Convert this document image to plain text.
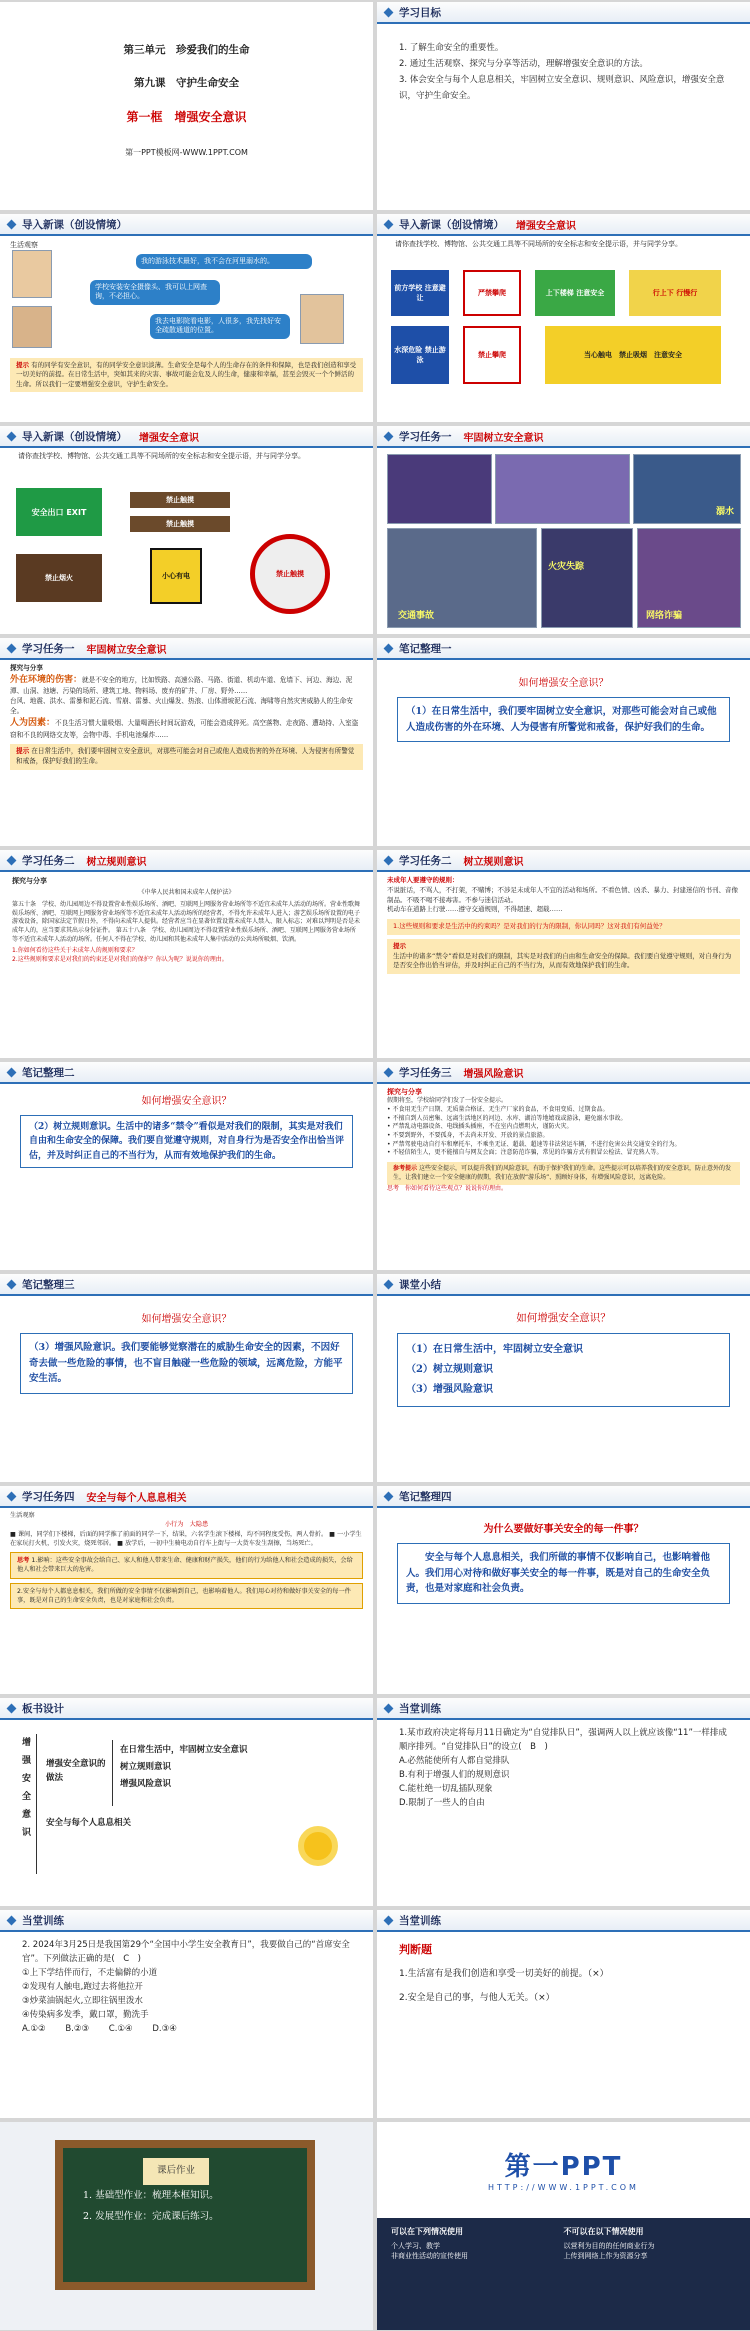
第三单元　珍爱我们的生命
第九课　守护生命安全
第一框　增强安全意识
第一PPT模板网-WWW.1PPT.COM
学习目标

1. 了解生命安全的重要性。

2. 通过生活观察、探究与分享等活动，理解增强安全意识的方法。

3. 体会安全与每个人息息相关，牢固树立安全意识、规则意识、风险意识，增强安全意识，守护生命安全。

导入新课（创设情境）
生活观察
我的游泳技术最好，我不会在河里溺水的。
学校安装安全摄像头、我可以上网查询，不必担心。
我去电影院看电影，人很多，我先找好安全疏散通道的位置。
提示 有的同学有安全意识，有的同学安全意识淡薄。生命安全是每个人的生命存在的条件和保障，也是我们创造和享受一切美好的前提。在日常生活中，突如其来的灾害、事故可能会危及人的生命，健康和幸福，甚至会毁灭一个个鲜活的生命。所以我们一定要增强安全意识，守护生命安全。
导入新课（创设情境） 增强安全意识
请你查找学校、博物馆、公共交通工具等不同场所的安全标志和安全提示语，并与同学分享。
前方学校 注意避让
严禁攀爬	上下楼梯 注意安全	行上下 行慢行
水深危险 禁止游泳
禁止攀爬	当心触电
　 禁止吸烟
　 注意安全
导入新课（创设情境） 增强安全意识
请你查找学校、博物馆、公共交通工具等不同场所的安全标志和安全提示语，并与同学分享。
安全出口 EXIT
禁止触摸
禁止触摸
小心有电
禁止烟火	禁止触摸
学习任务一 牢固树立安全意识
溺水
交通事故
火灾失踪
网络诈骗
学习任务一 牢固树立安全意识
探究与分享

外在环境的伤害：就是不安全的地方，比如铁路、高速公路、马路、街道、机动车道、危墙下、河边、海边、泥潭、山洞、池塘、污染的场所、建筑工地、物料场、废弃的矿井、厂房、野外……

台风、地震、洪水、雷暴和泥石流、雪崩、雷暴、火山爆发、热浪、山体滑坡泥石流、海啸等自然灾害威胁人的生命安全。

人为因素：不良生活习惯大量吸烟、大量喝酒长时间玩游戏，可能会造成猝死。高空落物、走夜路、遭劫持、入室盗窃和不良的网络交友等，会物中毒、手机电池爆炸……

提示 在日常生活中，我们要牢固树立安全意识，对那些可能会对自己或他人造成伤害的外在环境、人为侵害有所警觉和戒备，保护好我们的生命。
笔记整理一
如何增强安全意识？
（1）在日常生活中，我们要牢固树立安全意识，对那些可能会对自己或他人造成伤害的外在环境、人为侵害有所警觉和戒备，保护好我们的生命。
学习任务二 树立规则意识
探究与分享
《中华人民共和国未成年人保护法》

第五十条　学校、幼儿园周边不得设置营业性娱乐场所、酒吧、互联网上网服务营业场所等不适宜未成年人活动的场所。营业性歌舞娱乐场所、酒吧、互联网上网服务营业场所等不适宜未成年人活动场所的经营者，不得允许未成年人进入；游艺娱乐场所设置的电子游戏设备，除国家法定节假日外，不得向未成年人提供。经营者应当在显著位置设置未成年人禁入、限入标志；对难以判明是否是未成年人的，应当要求其出示身份证件。 第五十八条　学校、幼儿园周边不得设置营业性娱乐场所、酒吧、互联网上网服务营业场所等不适宜未成年人活动的场所。任何人不得在学校、幼儿园和其他未成年人集中活动的公共场所吸烟、饮酒。

1.你如何看待这些关于未成年人的规则和要求？

2.这些规则和要求是对我们的约束还是对我们的保护？你认为呢？说说你的理由。

学习任务二 树立规则意识
未成年人要遵守的规则：

不说脏话，不骂人，不打架，不赌博；不涉足未成年人不宜的活动和场所。不看色情、凶杀、暴力、封建迷信的书刊、音像制品。不吸不喝不接毒害。不参与迷信活动。

机动车在道路上行驶……遵守交通规则，不得超速、超载……

1.这些规则和要求是生活中的约束吗？是对我们的行为的限制，你认同吗？这对我们有何益处？
提示
生活中的诸多“禁令”看似是对我们的限制，其实是对我们的自由和生命安全的保障。我们要自觉遵守规则，对自身行为是否安全作出恰当评估，并及时纠正自己的不当行为，从而有效地保护我们的生命。
笔记整理二
如何增强安全意识？
（2）树立规则意识。生活中的诸多“禁令”看似是对我们的限制，其实是对我们自由和生命安全的保障。我们要自觉遵守规则，对自身行为是否安全作出恰当评估，并及时纠正自己的不当行为，从而有效地保护我们的生命。
学习任务三 增强风险意识
探究与分享

假期将至，学校给同学们发了一份安全提示。

• 不食用无生产日期、无质量合格证、无生产厂家的食品，不食用变质、过期食品。

• 不擅自到人员密集、远离生活地区的河边、水库、湖泊等地嬉戏或游泳，避免溺水事故。

• 严禁乱动电器设备、电线插头插座，不在室内点燃明火，谨防火灾。

• 不要到野外，不要孤身，不去尚未开发、开放的景点旅游。

• 严禁驾驶电动自行车和摩托车，不乘坐无证、超载、超速等非法营运车辆，不进行危害公共交通安全的行为。

• 不轻信陌生人，更不能擅自与网友会面；注意防范诈骗，常见的诈骗方式有假冒公检法、冒充熟人等。

参考提示 这些安全提示，可以提升我们的风险意识，有助于保护我们的生命。这些提示可以培养我们的安全意识，防止意外的发生，让我们建立一个安全健康的假期，我们在放假“游乐场”、照顾好身体，有增强风险意识，远离危险。

思考　你如何看待这些观点？说说你的理由。

笔记整理三
如何增强安全意识？
（3）增强风险意识。我们要能够觉察潜在的威胁生命安全的因素，不因好奇去做一些危险的事情，也不盲目触碰一些危险的领域，远离危险，方能平安生活。
课堂小结
如何增强安全意识？
（1）在日常生活中，牢固树立安全意识
（2）树立规则意识
（3）增强风险意识
学习任务四 安全与每个人息息相关
生活观察
小行为　大隐患

■ 课间，同学们下楼梯，后面的同学推了前面的同学一下，结果，六名学生滚下楼梯，均不同程度受伤，两人骨折。 ■ 一小学生在家玩打火机，引发火灾，烧死邻居。 ■ 放学后，一初中生骑电动自行车上街与一大货车发生刮擦，当场死亡。

思考 1.影响：这些安全事故会给自己、家人和他人带来生命、健康和财产损失，他们的行为给他人和社会造成的损失，会给他人和社会带来巨大的危害。
2.安全与每个人都息息相关，我们所做的安全事情不仅影响到自己，也影响着他人。我们用心对待和做好事关安全的每一件事，既是对自己的生命安全负责，也是对家庭和社会负责。
笔记整理四
为什么要做好事关安全的每一件事？
安全与每个人息息相关，我们所做的事情不仅影响自己，也影响着他人。我们用心对待和做好事关安全的每一件事，既是对自己的生命安全负责，也是对家庭和社会负责。
板书设计
增强安全意识
增强安全意识的做法
在日常生活中，牢固树立安全意识
树立规则意识
增强风险意识
安全与每个人息息相关
当堂训练

1.某市政府决定将每月11日确定为“自觉排队日”，强调两人以上就应该像“11”一样排成顺序排列。“自觉排队日”的设立(　B　)

A.必然能使所有人都自觉排队

B.有利于增强人们的规则意识

C.能杜绝一切乱插队现象

D.限制了一些人的自由

当堂训练

2. 2024年3月25日是我国第29个“全国中小学生安全教育日”，我要做自己的“首席安全官”。下列做法正确的是(　C　)

①上下学结伴而行，不走偏僻的小道

②发现有人触电,跑过去将他拉开

③炒菜油锅起火,立即往锅里泼水

④传染病多发季，戴口罩，勤洗手

A.①②　　 B.②③　　 C.①④　　 D.③④

当堂训练
判断题

1.生活富有是我们创造和享受一切美好的前提。（×）

2.安全是自己的事，与他人无关。（×）

课后作业
1. 基础型作业：梳理本框知识。
2. 发展型作业：完成课后练习。
第一PPT
HTTP://WWW.1PPT.COM
可以在下列情况使用
个人学习、教学
非商业性活动的宣传使用
不可以在以下情况使用
以营利为目的的任何商业行为
上传到网络上作为资源分享
